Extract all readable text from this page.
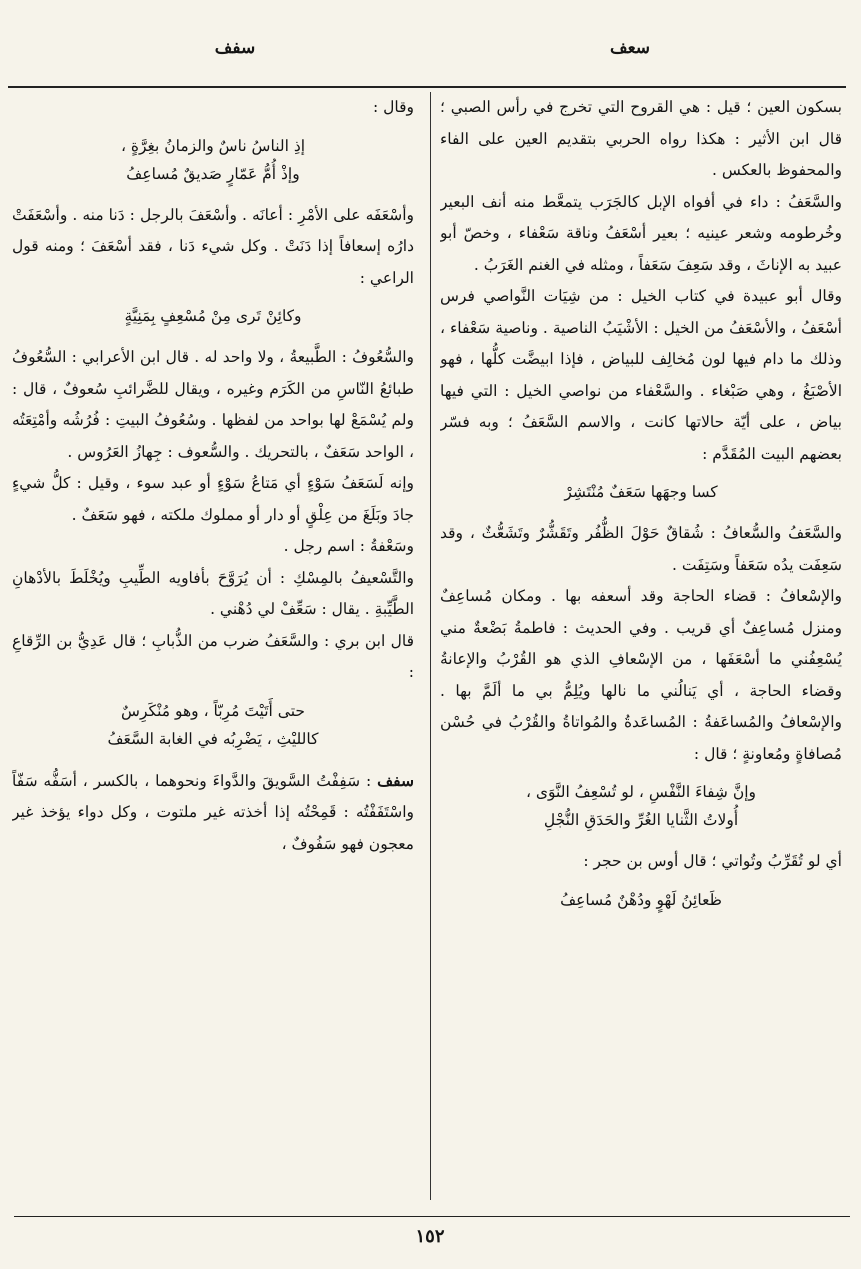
سعف
سفف

بسكون العين ؛ قيل : هي القروح التي تخرج في رأس الصبي ؛ قال ابن الأثير : هكذا رواه الحربي بتقديم العين على الفاء والمحفوظ بالعكس .

والسَّعَفُ : داء في أفواه الإبل كالجَرَب يتمعَّط منه أنف البعير وخُرطومه وشعر عينيه ؛ بعير أسْعَفُ وناقة سَعْفاء ، وخصّ أبو عبيد به الإناثَ ، وقد سَعِفَ سَعَفاً ، ومثله في الغنم الغَرَبُ .

وقال أبو عبيدة في كتاب الخيل : من شِيَات النَّواصي فرس أسْعَفُ ، والأسْعَفُ من الخيل : الأشْيَبُ الناصية . وناصية سَعْفاء ، وذلك ما دام فيها لون مُخالِف للبياض ، فإذا ابيضَّت كلُّها ، فهو الأصْبَغُ ، وهي صَبْغاء . والسَّعْفاء من نواصي الخيل : التي فيها بياض ، على أيّة حالاتها كانت ، والاسم السَّعَفُ ؛ وبه فسّر بعضهم البيت المُقَدَّم :

كسا وجهَها سَعَفٌ مُنْتَشِرْ

والسَّعَفُ والسُّعافُ : شُقاقٌ حَوْلَ الظُّفُر وتَقَشُّرٌ وتَشَعُّثٌ ، وقد سَعِفَت يدُه سَعَفاً وسَتِفَت .

والإسْعافُ : قضاء الحاجة وقد أسعفه بها . ومكان مُساعِفٌ ومنزل مُساعِفٌ أي قريب . وفي الحديث : فاطمةُ بَضْعةٌ مني يُسْعِفُني ما أسْعَفَها ، من الإسْعافِ الذي هو القُرْبُ والإعانةُ وقضاء الحاجة ، أي يَنالُني ما نالها ويُلِمُّ بي ما ألَمَّ بها . والإسْعافُ والمُساعَفةُ : المُساعَدةُ والمُواتاةُ والقُرْبُ في حُسْن مُصافاةٍ ومُعاونةٍ ؛ قال :

وإنَّ شِفاءَ النَّفْسِ ، لو تُسْعِفُ النَّوَى ،
أُولاتُ الثَّنايا الغُرِّ والحَدَقِ النُّجْلِ

أي لو تُقَرِّبُ وتُواتي ؛ قال أوس بن حجر :

ظَعائِنُ لَهْوٍ ودُهْنٌ مُساعِفُ

وقال :

إذِ الناسُ ناسٌ والزمانُ بغِرَّةٍ ،
وإذْ أُمُّ عَمّارٍ صَديقٌ مُساعِفُ

وأسْعَفَه على الأمْرِ : أعانَه . وأسْعَفَ بالرجل : دَنا منه . وأسْعَفَتْ دارُه إسعافاً إذا دَنَتْ . وكل شيء دَنا ، فقد أسْعَفَ ؛ ومنه قول الراعي :

وكائِنْ تَرى مِنْ مُسْعِفٍ بِمَنِيَّةٍ

والسُّعُوفُ : الطَّبيعةُ ، ولا واحد له . قال ابن الأعرابي : السُّعُوفُ طبائعُ النّاسِ من الكَرَم وغيره ، ويقال للضَّرائبِ سُعوفٌ ، قال : ولم يُسْمَعْ لها بواحد من لفظها . وسُعُوفُ البيتِ : فُرُشُه وأمْتِعَتُه ، الواحد سَعَفٌ ، بالتحريك . والسُّعوف : جِهازُ العَرُوس .

وإنه لَسَعَفُ سَوْءٍ أي مَتاعُ سَوْءٍ أو عبد سوء ، وقيل : كلُّ شيءٍ جادَ وبَلَغَ من عِلْقٍ أو دار أو مملوك ملكته ، فهو سَعَفٌ .

وسَعْفةُ : اسم رجل .

والتَّسْعيفُ بالمِسْكِ : أن يُرَوَّحَ بأفاويه الطِّيبِ ويُخْلَطَ بالأدْهانِ الطَّيِّبةِ . يقال : سَعِّفْ لي دُهْني .

قال ابن بري : والسَّعَفُ ضرب من الذُّبابِ ؛ قال عَدِيُّ بن الرِّقاعِ :

حتى أَتَيْتَ مُرِبّاً ، وهو مُنْكَرِسٌ
كالليْثِ ، يَضْرِبُه في الغابة السَّعَفُ

سفف : سَفِفْتُ السَّويقَ والدَّواءَ ونحوهما ، بالكسر ، أسَفُّه سَفّاً واسْتَفَفْتُه : قَمِحْتُه إذا أخذته غير ملتوت ، وكل دواء يؤخذ غير معجون فهو سَفُوفٌ ،

١٥٢
